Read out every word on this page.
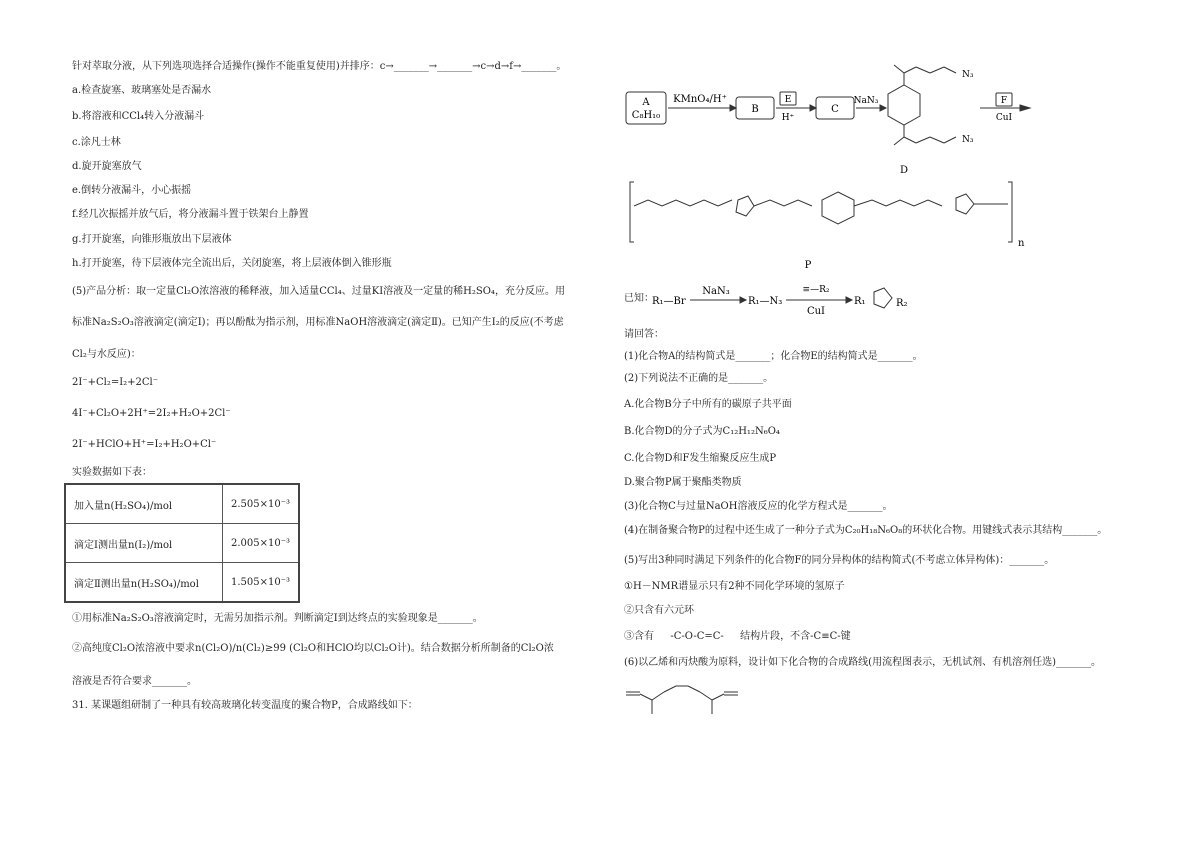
针对萃取分液，从下列选项选择合适操作(操作不能重复使用)并排序：c→_______→_______→c→d→f→_______。
a.检查旋塞、玻璃塞处是否漏水
b.将溶液和CCl₄转入分液漏斗
c.涂凡士林
d.旋开旋塞放气
e.倒转分液漏斗，小心振摇
f.经几次振摇并放气后，将分液漏斗置于铁架台上静置
g.打开旋塞，向锥形瓶放出下层液体
h.打开旋塞，待下层液体完全流出后，关闭旋塞，将上层液体倒入锥形瓶
(5)产品分析：取一定量Cl₂O浓溶液的稀释液，加入适量CCl₄、过量KI溶液及一定量的稀H₂SO₄，充分反应。用
标准Na₂S₂O₃溶液滴定(滴定Ⅰ)；再以酚酞为指示剂，用标准NaOH溶液滴定(滴定Ⅱ)。已知产生I₂的反应(不考虑
Cl₂与水反应)：
2I⁻+Cl₂=I₂+2Cl⁻
4I⁻+Cl₂O+2H⁺=2I₂+H₂O+2Cl⁻
2I⁻+HClO+H⁺=I₂+H₂O+Cl⁻
实验数据如下表：
加入量n(H₂SO₄)/mol	2.505×10⁻³
滴定Ⅰ测出量n(I₂)/mol	2.005×10⁻³
滴定Ⅱ测出量n(H₂SO₄)/mol	1.505×10⁻³
①用标准Na₂S₂O₃溶液滴定时，无需另加指示剂。判断滴定Ⅰ到达终点的实验现象是_______。
②高纯度Cl₂O浓溶液中要求n(Cl₂O)/n(Cl₂)≥99 (Cl₂O和HClO均以Cl₂O计)。结合数据分析所制备的Cl₂O浓
溶液是否符合要求_______。
31. 某课题组研制了一种具有较高玻璃化转变温度的聚合物P，合成路线如下：
A
C₈H₁₀
KMnO₄/H⁺
B
E
H⁺
C
NaN₃
N₃
N₃
D
F
CuI
n
P
已知：
R₁—Br
NaN₃
R₁—N₃
≡—R₂
CuI
R₁	R₂
请回答：
(1)化合物A的结构简式是_______；化合物E的结构简式是_______。
(2)下列说法不正确的是_______。
A.化合物B分子中所有的碳原子共平面
B.化合物D的分子式为C₁₂H₁₂N₆O₄
C.化合物D和F发生缩聚反应生成P
D.聚合物P属于聚酯类物质
(3)化合物C与过量NaOH溶液反应的化学方程式是_______。
(4)在制备聚合物P的过程中还生成了一种分子式为C₂₀H₁₈N₆O₈的环状化合物。用键线式表示其结构_______。
(5)写出3种同时满足下列条件的化合物F的同分异构体的结构简式(不考虑立体异构体)：_______。
①H－NMR谱显示只有2种不同化学环境的氢原子
②只含有六元环
③含有 -C-O-C=C- 结构片段，不含-C≡C-键
(6)以乙烯和丙炔酸为原料，设计如下化合物的合成路线(用流程图表示，无机试剂、有机溶剂任选)_______。
